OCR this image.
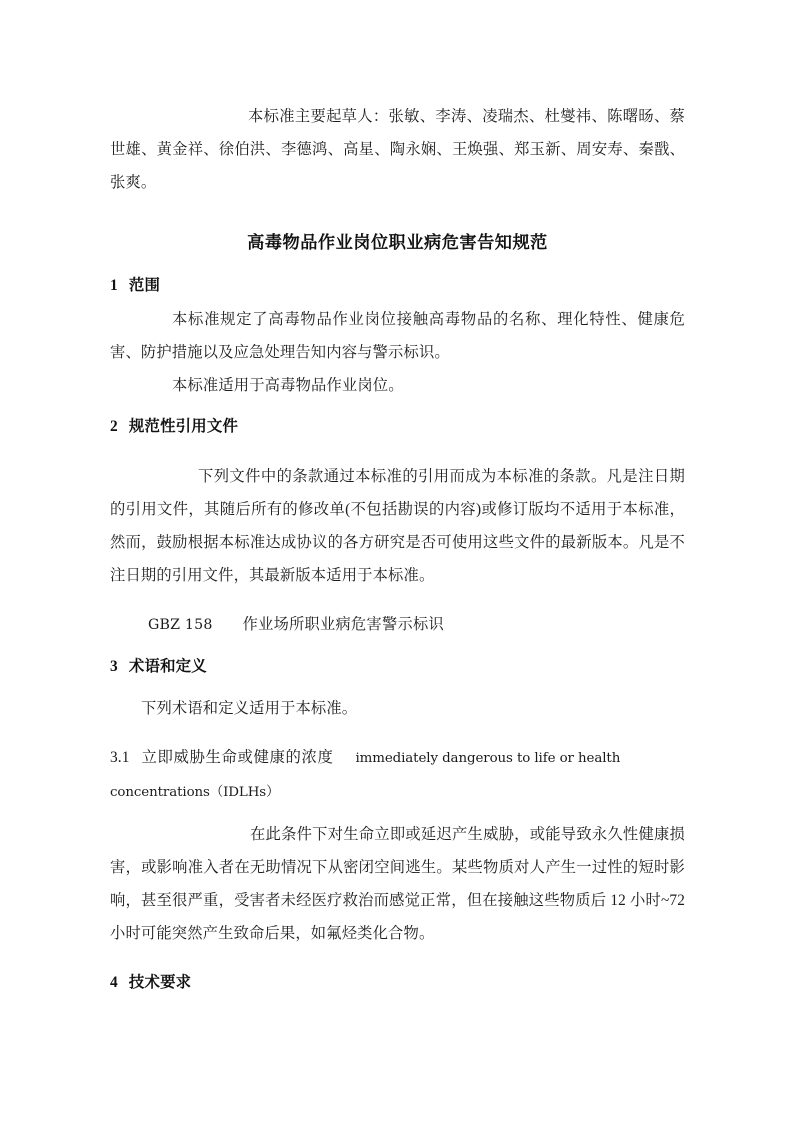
本标准主要起草人：张敏、李涛、凌瑞杰、杜燮祎、陈曙旸、蔡世雄、黄金祥、徐伯洪、李德鸿、高星、陶永娴、王焕强、郑玉新、周安寿、秦戬、张爽。

高毒物品作业岗位职业病危害告知规范
1 范围

本标准规定了高毒物品作业岗位接触高毒物品的名称、理化特性、健康危害、防护措施以及应急处理告知内容与警示标识。

本标准适用于高毒物品作业岗位。

2 规范性引用文件

下列文件中的条款通过本标准的引用而成为本标准的条款。凡是注日期的引用文件，其随后所有的修改单(不包括勘误的内容)或修订版均不适用于本标准，然而，鼓励根据本标准达成协议的各方研究是否可使用这些文件的最新版本。凡是不注日期的引用文件，其最新版本适用于本标准。

GBZ 158 作业场所职业病危害警示标识

3 术语和定义

下列术语和定义适用于本标准。

3.1 立即威胁生命或健康的浓度 immediately dangerous to life or health

concentrations（IDLHs）

在此条件下对生命立即或延迟产生威胁，或能导致永久性健康损害，或影响准入者在无助情况下从密闭空间逃生。某些物质对人产生一过性的短时影响，甚至很严重，受害者未经医疗救治而感觉正常，但在接触这些物质后 12 小时~72 小时可能突然产生致命后果，如氟烃类化合物。

4 技术要求
